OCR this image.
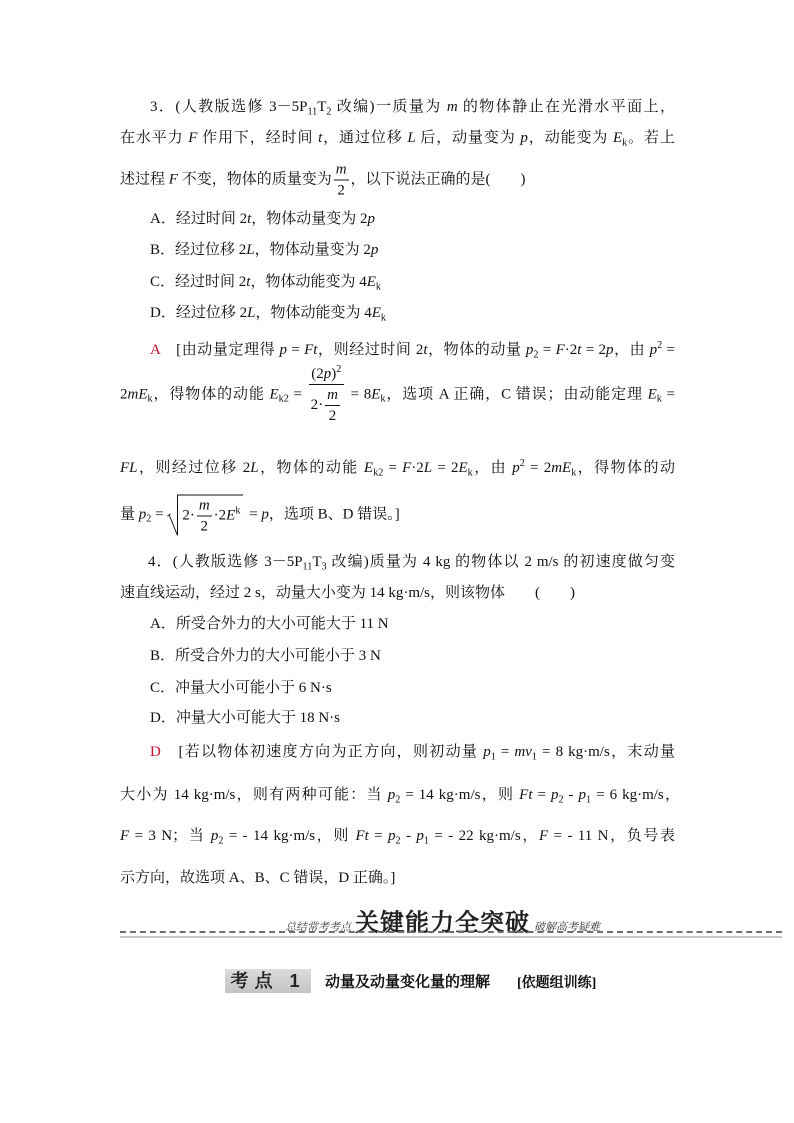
3．(人教版选修 $3-5P_{11}T_2$ 改编)一质量为 m 的物体静止在光滑水平面上，
在水平力 F 作用下，经时间 t，通过位移 L 后，动量变为 p，动能变为 $E_k$。若上
述过程 F 不变，物体的质量变为 $\frac{m}{2}$ ，以下说法正确的是(　　)
A．经过时间 2t，物体动量变为 2p
B．经过位移 2L，物体动量变为 2p
C．经过时间 2t，物体动能变为 $4E_k$
D．经过位移 2L，物体动能变为 $4E_k$
A　[由动量定理得 p = Ft，则经过时间 2t，物体的动量 $p_2 = F\cdot 2t = 2p$，由 $p^2$ =
$2mE_k$，得物体的动能 $E_{k2} = \frac{(2p)^2}{2\cdot \frac{m}{2}} = 8E_k$，选项 A 正确，C 错误；由动能定理 $E_k$ =
FL，则经过位移 2L，物体的动能 $E_{k2} = F\cdot 2L = 2E_k$，由 $p^2 = 2mE_k$，得物体的动
量 $p_2 = 2\cdot \frac{m}{2} \cdot 2E^k = p$，选项 B、D 错误。]
4．(人教版选修 $3-5P_{11}T_3$ 改编)质量为 4 kg 的物体以 2 m/s 的初速度做匀变
速直线运动，经过 2 s，动量大小变为 14 kg·m/s，则该物体　　(　　)
A．所受合外力的大小可能大于 11 N
B．所受合外力的大小可能小于 3 N
C．冲量大小可能小于 6 N·s
D．冲量大小可能大于 18 N·s
D　[若以物体初速度方向为正方向，则初动量 $p_1 = mv_1 = 8$ kg·m/s，末动量
大小为 14 kg·m/s，则有两种可能：当 $p_2 = 14$ kg·m/s，则 $Ft = p_2 - p_1 = 6$ kg·m/s，
F = 3 N；当 $p_2$ = - 14 kg·m/s，则 $Ft = p_2 - p_1$ = - 22 kg·m/s，F = - 11 N，负号表
示方向，故选项 A、B、C 错误，D 正确。]
总结常考考点 关键能力全突破 破解高考疑难
考点 1	动量及动量变化量的理解 [依题组训练]
